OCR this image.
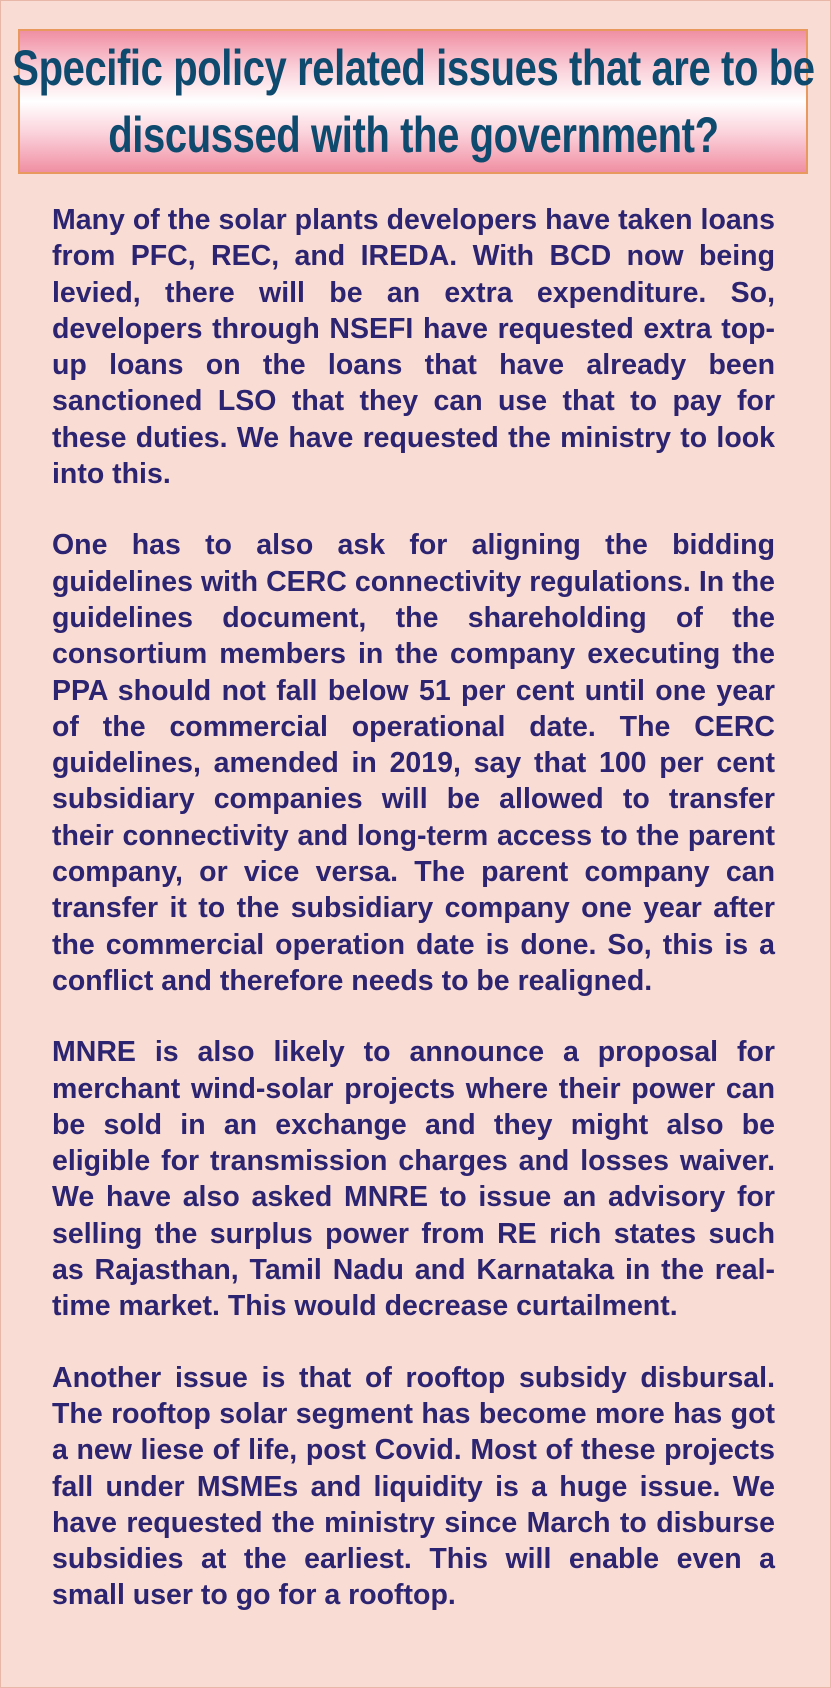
Specific policy related issues that are to be
discussed with the government?

Many of the solar plants developers have taken loans from PFC, REC, and IREDA. With BCD now being levied, there will be an extra expenditure. So, developers through NSEFI have requested extra top-up loans on the loans that have already been sanctioned LSO that they can use that to pay for these duties. We have requested the ministry to look into this.

One has to also ask for aligning the bidding guidelines with CERC connectivity regulations. In the guidelines document, the shareholding of the consortium members in the company executing the PPA should not fall below 51 per cent until one year of the commercial operational date. The CERC guidelines, amended in 2019, say that 100 per cent subsidiary companies will be allowed to transfer their connectivity and long-term access to the parent company, or vice versa. The parent company can transfer it to the subsidiary company one year after the commercial operation date is done. So, this is a conflict and therefore needs to be realigned.

MNRE is also likely to announce a proposal for merchant wind-solar projects where their power can be sold in an exchange and they might also be eligible for transmission charges and losses waiver. We have also asked MNRE to issue an advisory for selling the surplus power from RE rich states such as Rajasthan, Tamil Nadu and Karnataka in the real-time market. This would decrease curtailment.

Another issue is that of rooftop subsidy disbursal. The rooftop solar segment has become more has got a new liese of life, post Covid. Most of these projects fall under MSMEs and liquidity is a huge issue. We have requested the ministry since March to disburse subsidies at the earliest. This will enable even a small user to go for a rooftop.
